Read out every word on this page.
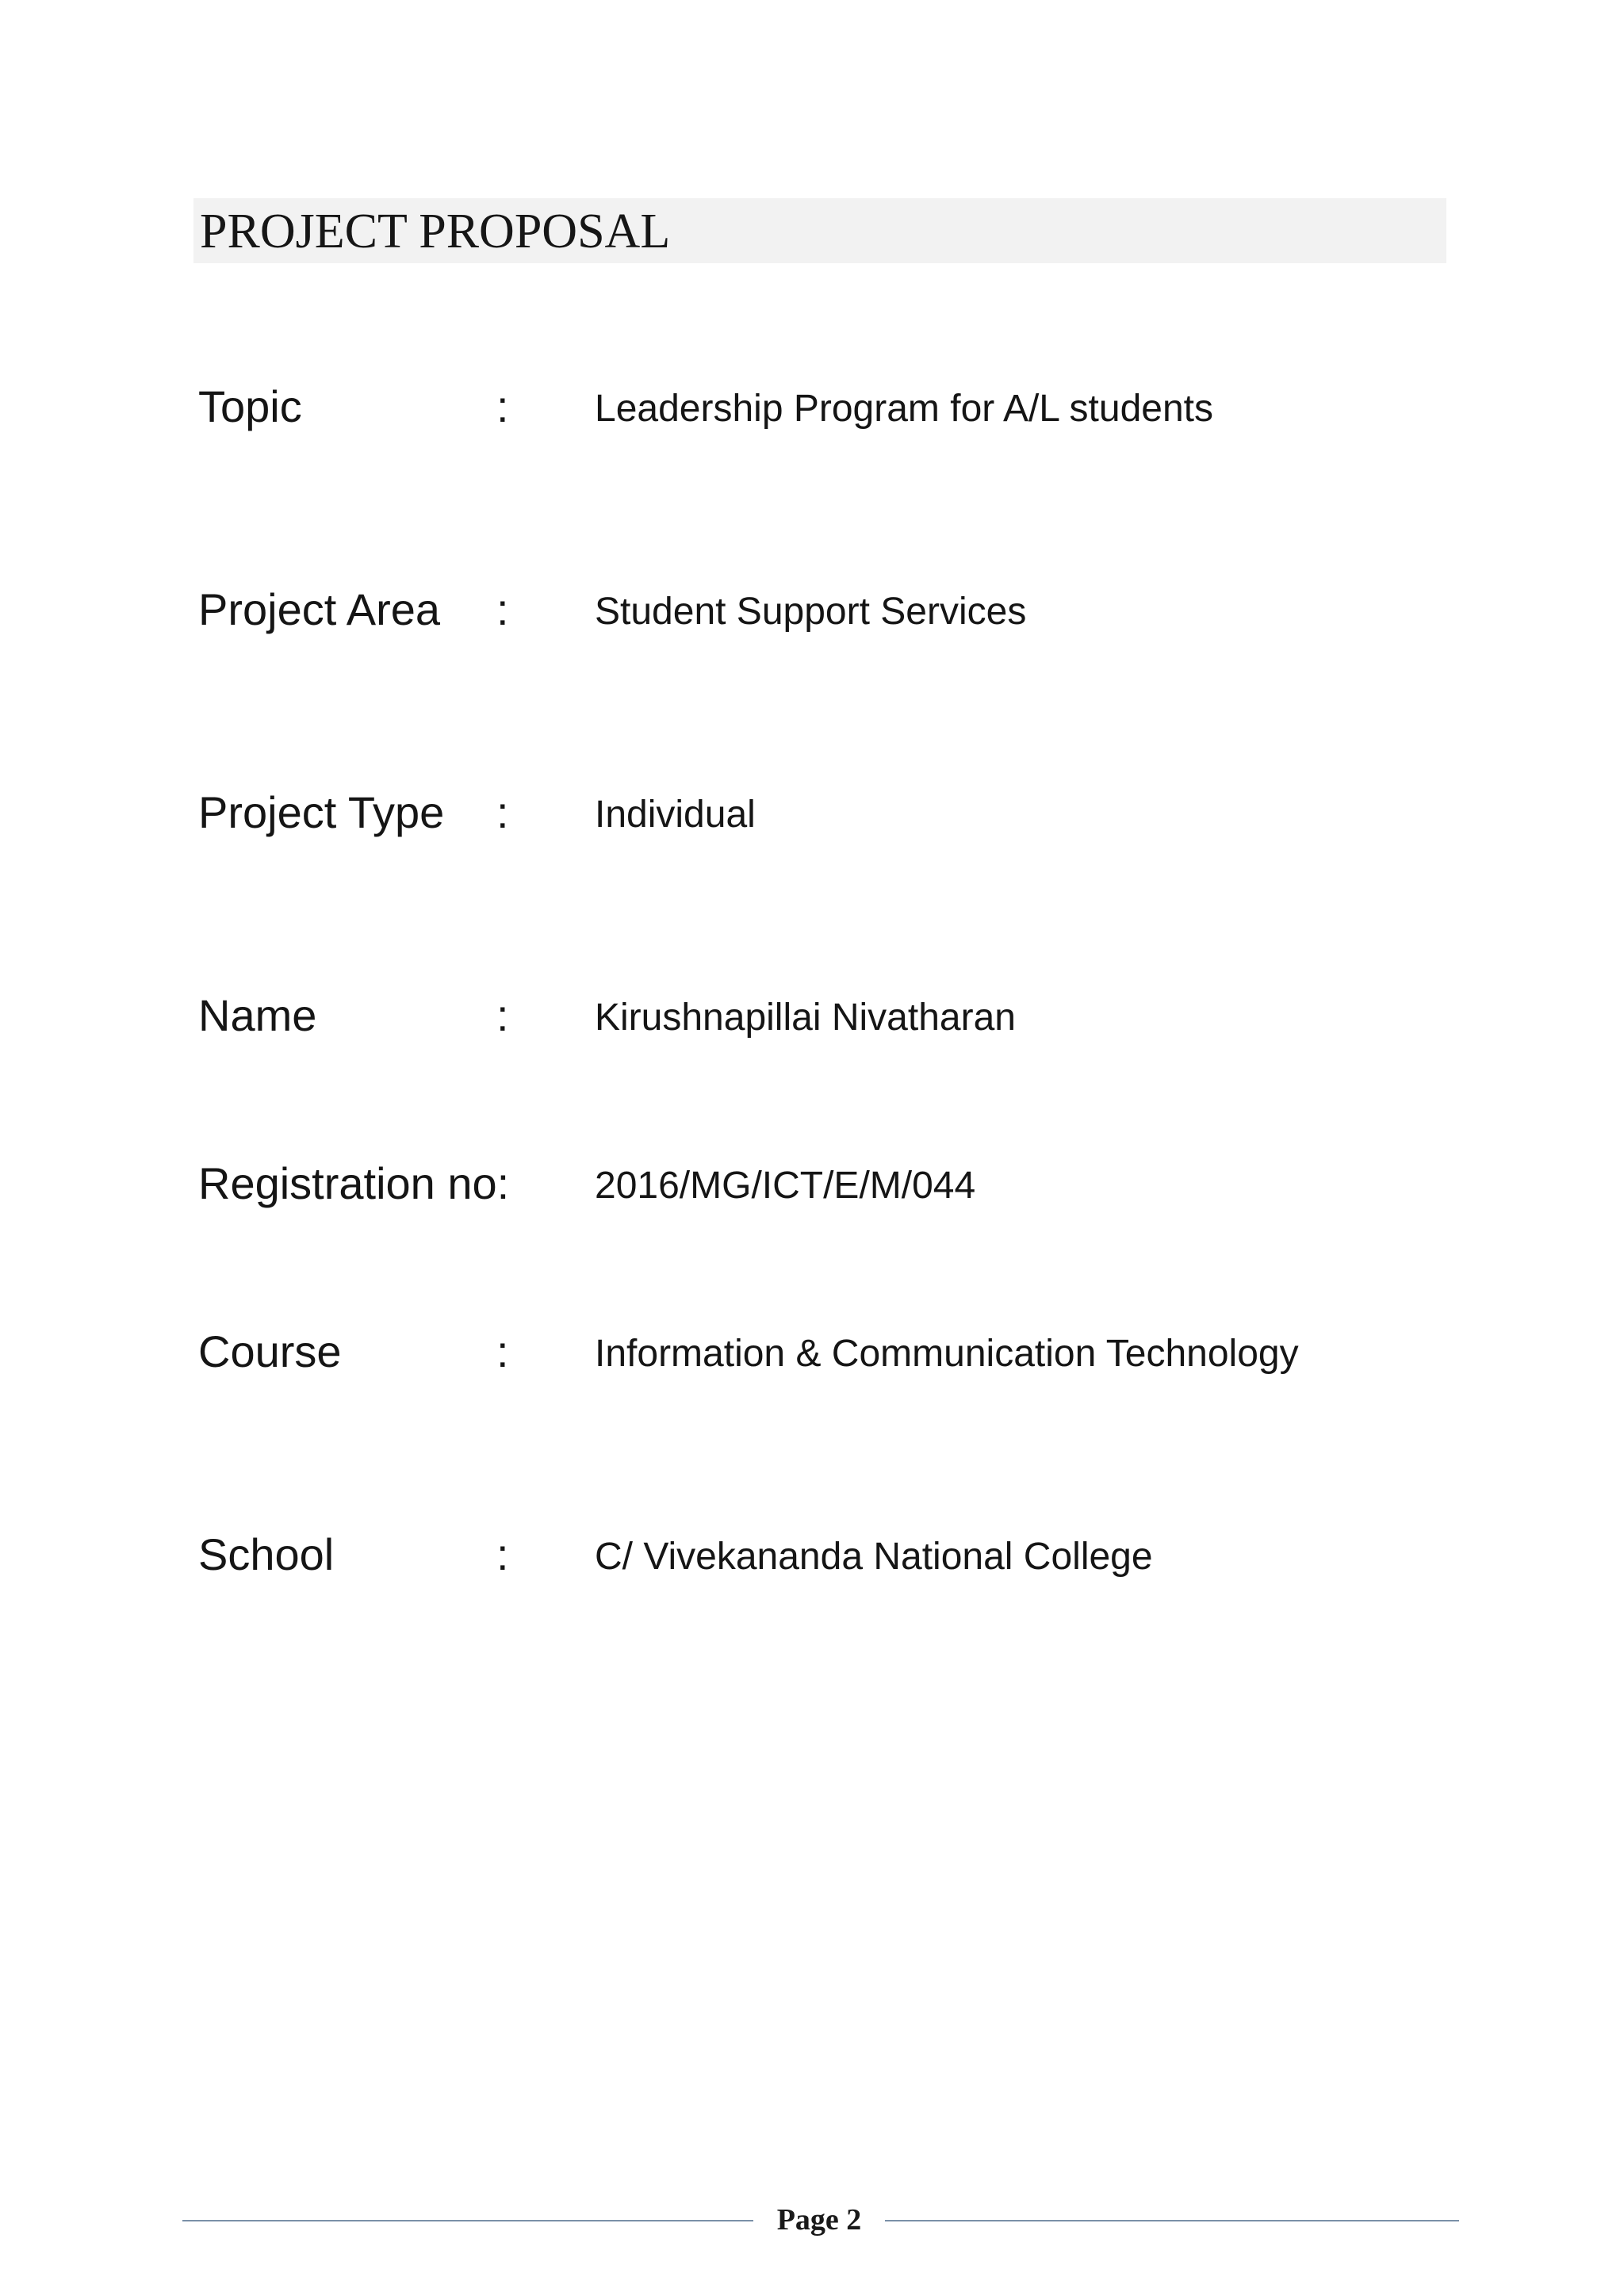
PROJECT PROPOSAL
Topic	: Leadership Program for A/L students
Project Area : Student Support Services
Project Type : Individual
Name	: Kirushnapillai Nivatharan
Registration no: 2016/MG/ICT/E/M/044
Course	: Information & Communication Technology
School	: C/ Vivekananda National College
Page 2
